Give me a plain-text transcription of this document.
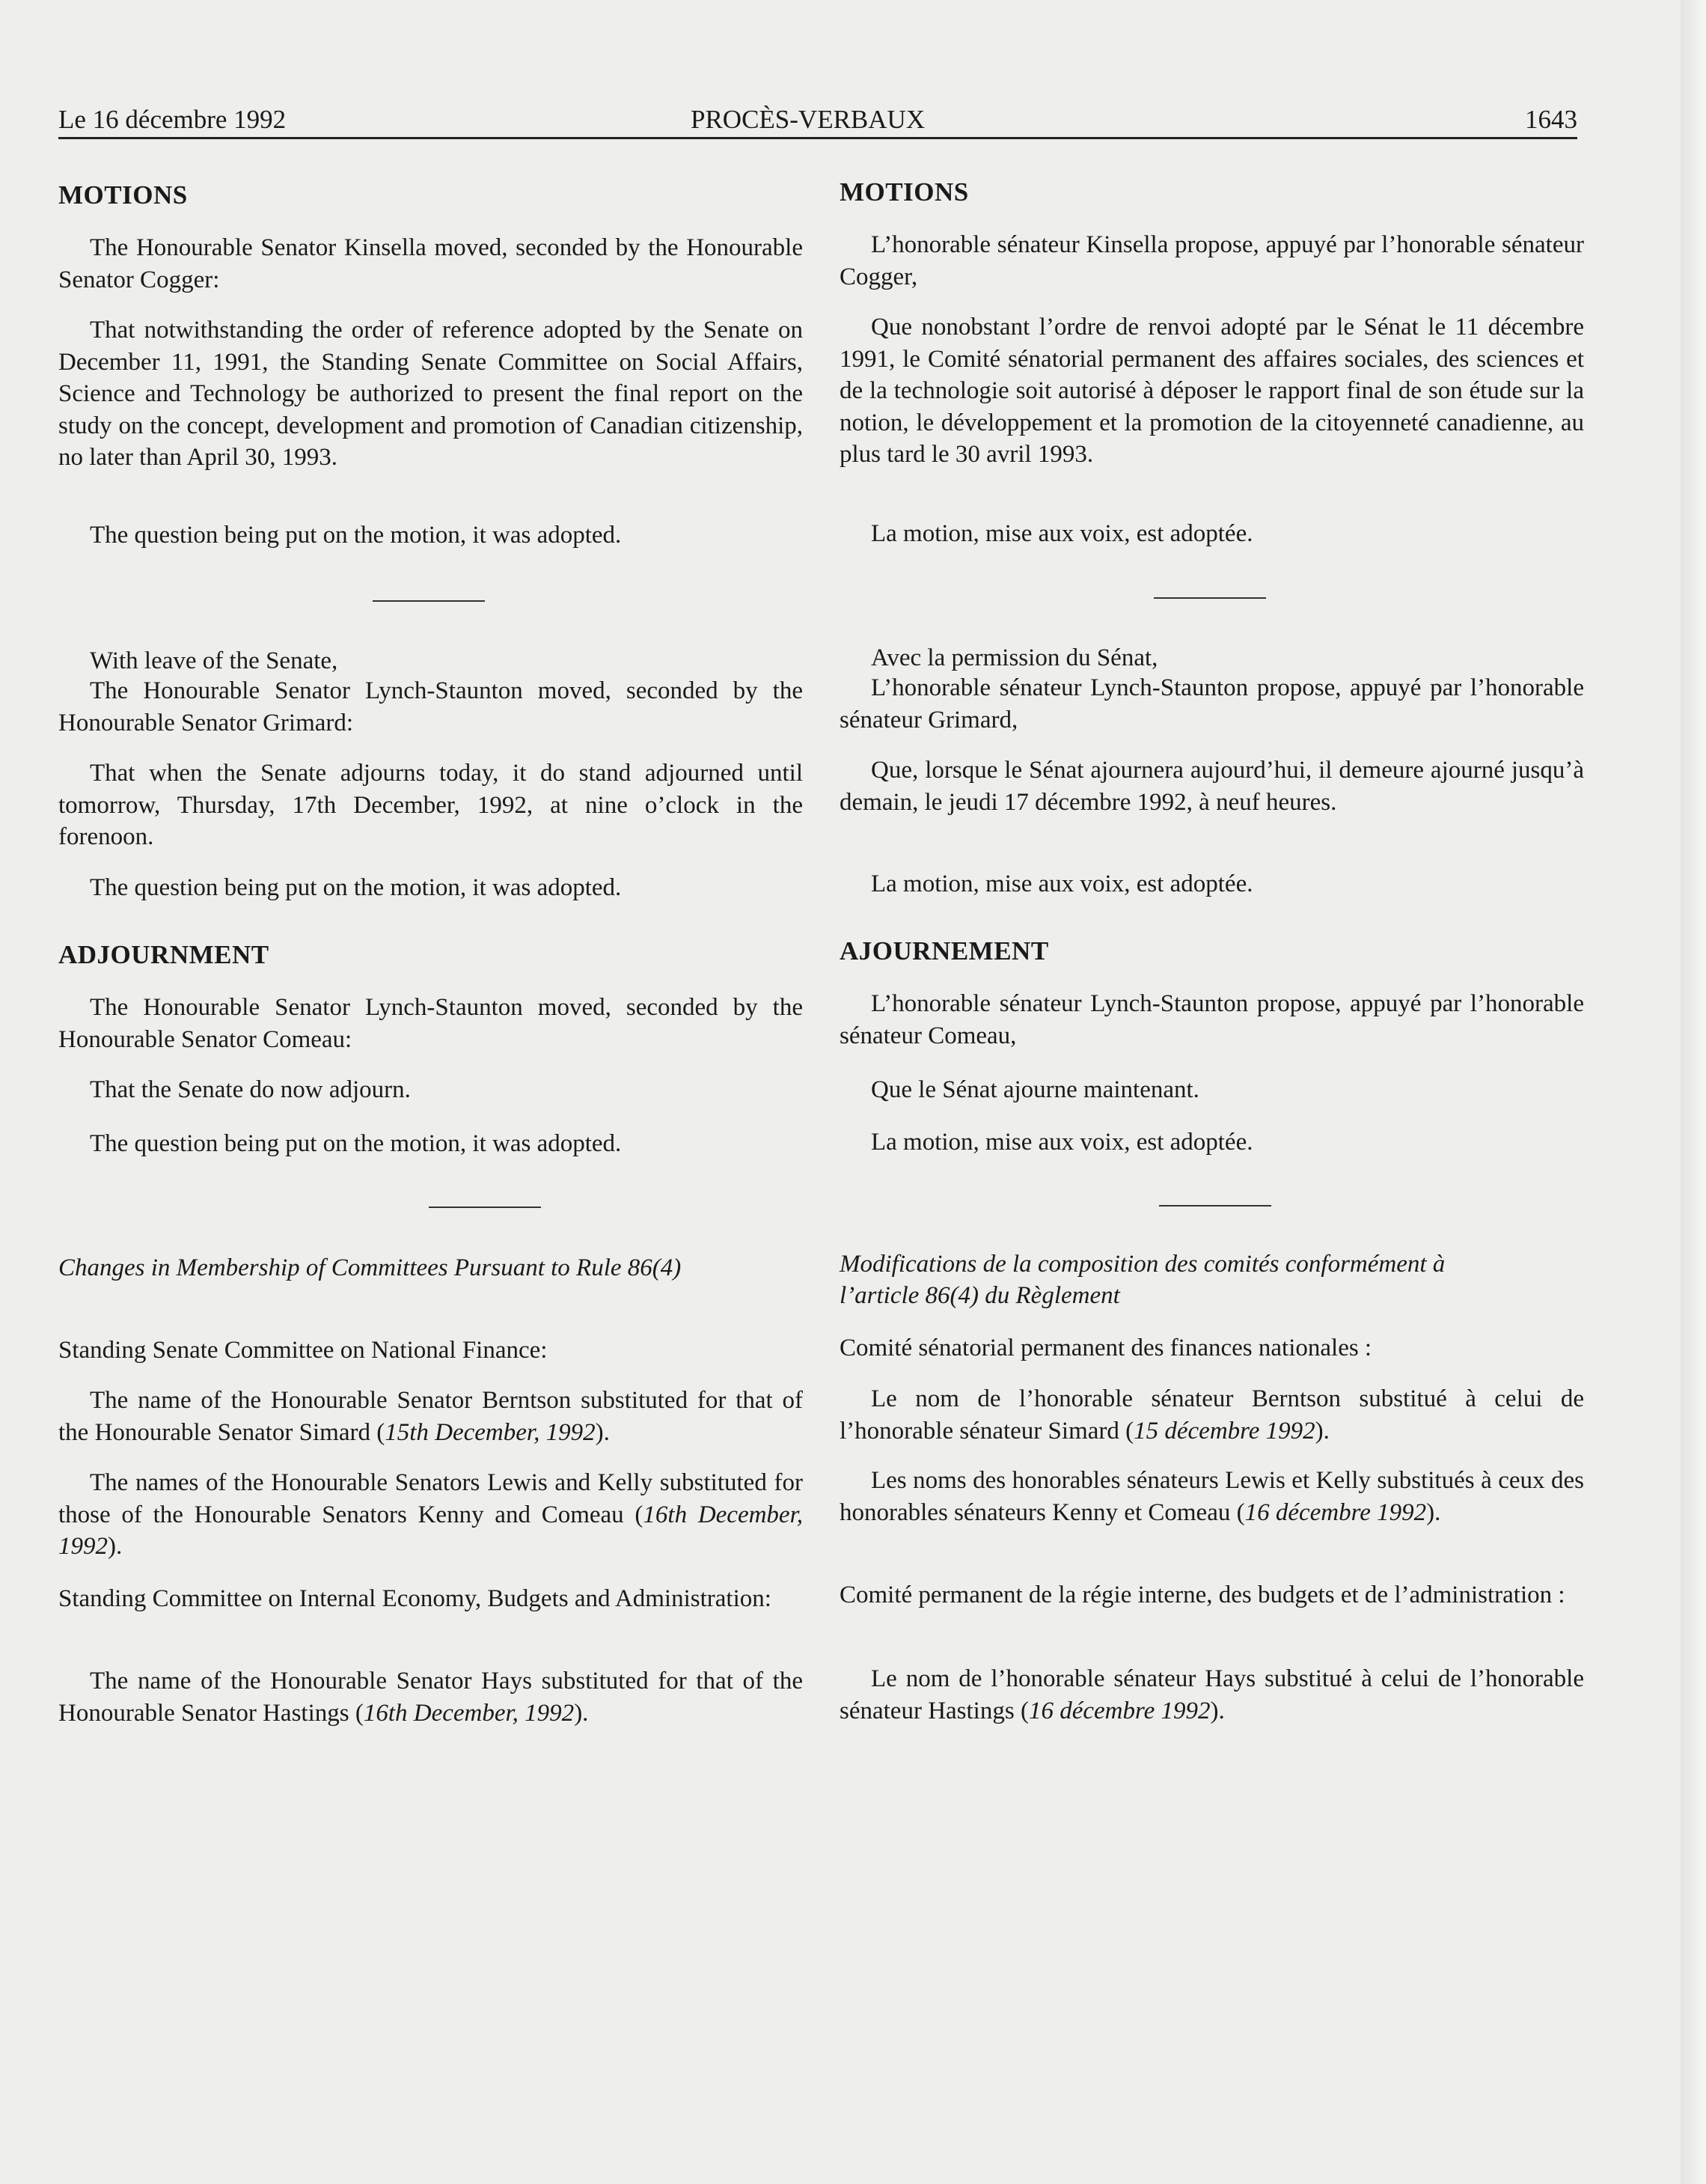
Le 16 décembre 1992	PROCÈS-VERBAUX	1643
MOTIONS

The Honourable Senator Kinsella moved, seconded by the Honourable Senator Cogger:

That notwithstanding the order of reference adopted by the Senate on December 11, 1991, the Standing Senate Committee on Social Affairs, Science and Technology be authorized to present the final report on the study on the concept, development and promotion of Canadian citizenship, no later than April 30, 1993.

The question being put on the motion, it was adopted.

With leave of the Senate,

The Honourable Senator Lynch-Staunton moved, seconded by the Honourable Senator Grimard:

That when the Senate adjourns today, it do stand adjourned until tomorrow, Thursday, 17th December, 1992, at nine o’clock in the forenoon.

The question being put on the motion, it was adopted.

ADJOURNMENT

The Honourable Senator Lynch-Staunton moved, seconded by the Honourable Senator Comeau:

That the Senate do now adjourn.

The question being put on the motion, it was adopted.

Changes in Membership of Committees Pursuant to Rule 86(4)

Standing Senate Committee on National Finance:

The name of the Honourable Senator Berntson substituted for that of the Honourable Senator Simard (15th December, 1992).

The names of the Honourable Senators Lewis and Kelly substituted for those of the Honourable Senators Kenny and Comeau (16th December, 1992).

Standing Committee on Internal Economy, Budgets and Administration:

The name of the Honourable Senator Hays substituted for that of the Honourable Senator Hastings (16th December, 1992).

MOTIONS

L’honorable sénateur Kinsella propose, appuyé par l’honorable sénateur Cogger,

Que nonobstant l’ordre de renvoi adopté par le Sénat le 11 décembre 1991, le Comité sénatorial permanent des affaires sociales, des sciences et de la technologie soit autorisé à déposer le rapport final de son étude sur la notion, le développement et la promotion de la citoyenneté canadienne, au plus tard le 30 avril 1993.

La motion, mise aux voix, est adoptée.

Avec la permission du Sénat,

L’honorable sénateur Lynch-Staunton propose, appuyé par l’honorable sénateur Grimard,

Que, lorsque le Sénat ajournera aujourd’hui, il demeure ajourné jusqu’à demain, le jeudi 17 décembre 1992, à neuf heures.

La motion, mise aux voix, est adoptée.

AJOURNEMENT

L’honorable sénateur Lynch-Staunton propose, appuyé par l’honorable sénateur Comeau,

Que le Sénat ajourne maintenant.

La motion, mise aux voix, est adoptée.

Modifications de la composition des comités conformément à

l’article 86(4) du Règlement

Comité sénatorial permanent des finances nationales :

Le nom de l’honorable sénateur Berntson substitué à celui de l’honorable sénateur Simard (15 décembre 1992).

Les noms des honorables sénateurs Lewis et Kelly substitués à ceux des honorables sénateurs Kenny et Comeau (16 décembre 1992).

Comité permanent de la régie interne, des budgets et de l’administration :

Le nom de l’honorable sénateur Hays substitué à celui de l’honorable sénateur Hastings (16 décembre 1992).
